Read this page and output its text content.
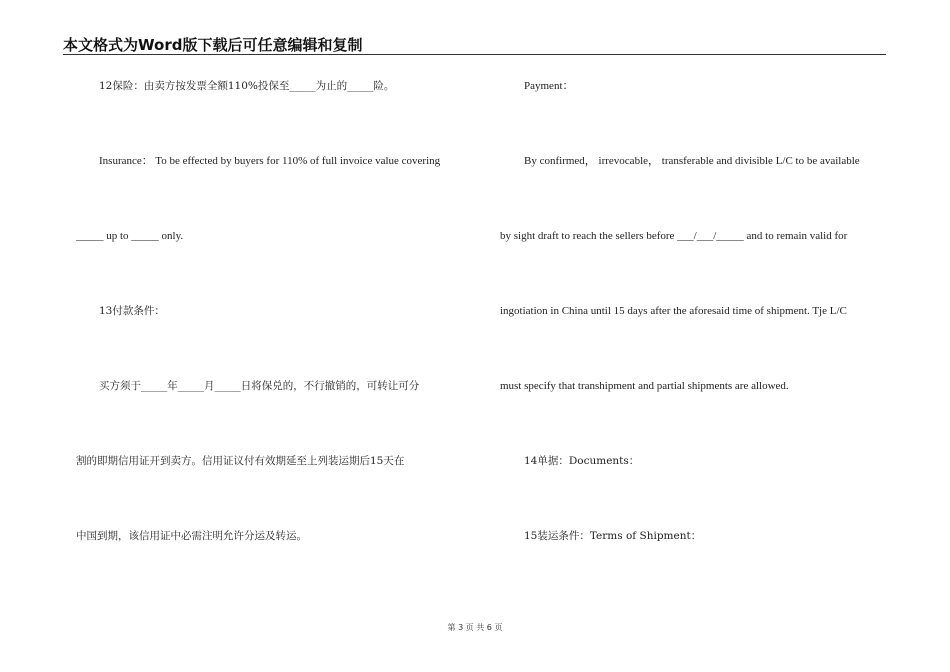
本文格式为Word版下载后可任意编辑和复制
12保险：由卖方按发票全额110%投保至_____为止的_____险。
Insurance： To be effected by buyers for 110% of full invoice value covering
_____ up to _____ only.
13付款条件：
买方须于_____年_____月_____日将保兑的，不行撤销的，可转让可分
割的即期信用证开到卖方。信用证议付有效期延至上列装运期后15天在
中国到期，该信用证中必需注明允许分运及转运。
Payment：
By confirmed， irrevocable， transferable and divisible L/C to be available
by sight draft to reach the sellers before ___/___/_____ and to remain valid for
ingotiation in China until 15 days after the aforesaid time of shipment. Tje L/C
must specify that transhipment and partial shipments are allowed.
14单据：Documents：
15装运条件：Terms of Shipment：
第 3 页 共 6 页
